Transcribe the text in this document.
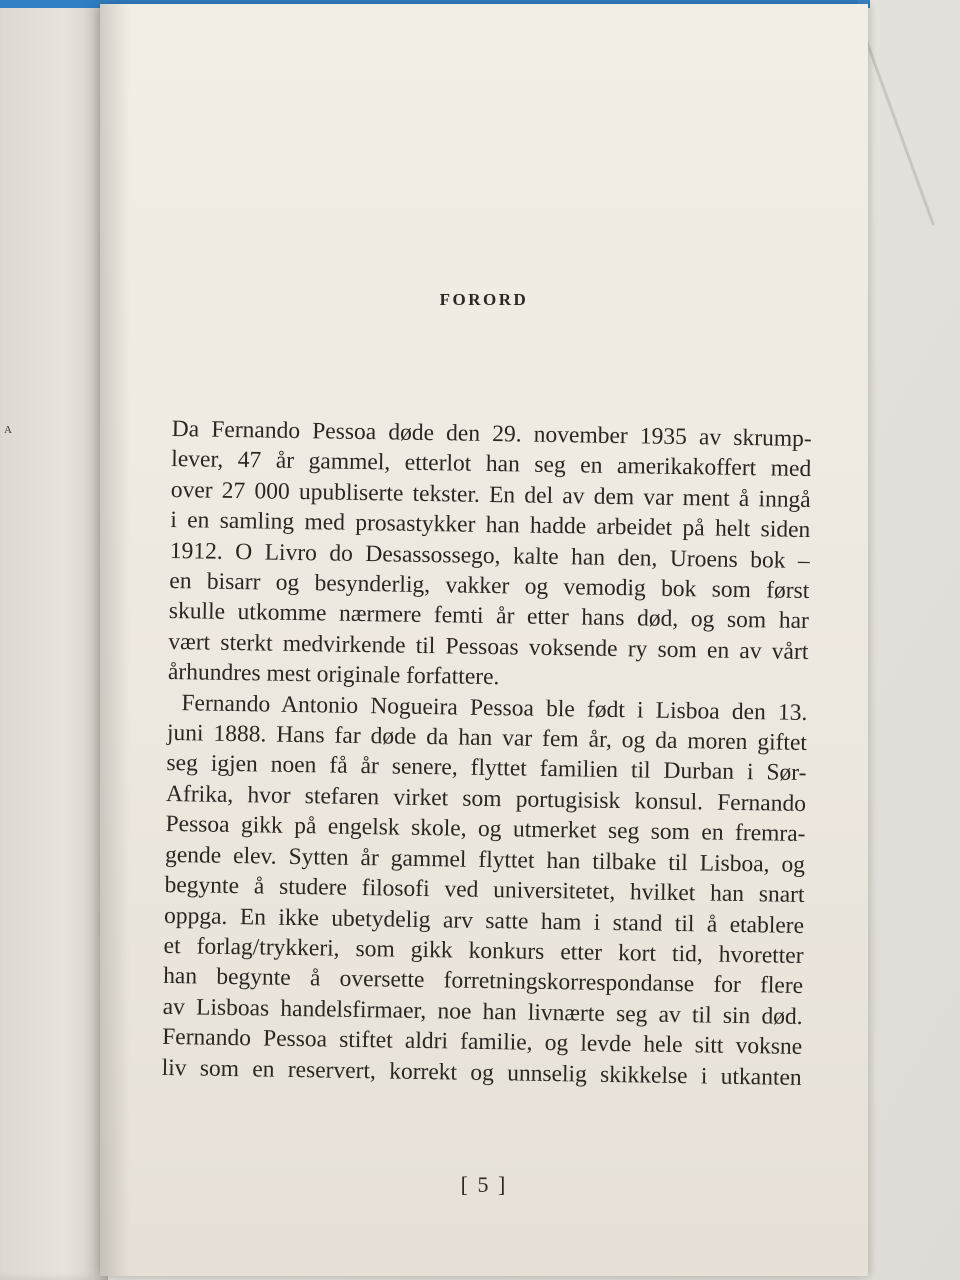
A
FORORD
Da Fernando Pessoa døde den 29. november 1935 av skrump-
lever, 47 år gammel, etterlot han seg en amerikakoffert med
over 27 000 upubliserte tekster. En del av dem var ment å inngå
i en samling med prosastykker han hadde arbeidet på helt siden
1912. O Livro do Desassossego, kalte han den, Uroens bok –
en bisarr og besynderlig, vakker og vemodig bok som først
skulle utkomme nærmere femti år etter hans død, og som har
vært sterkt medvirkende til Pessoas voksende ry som en av vårt
århundres mest originale forfattere.
Fernando Antonio Nogueira Pessoa ble født i Lisboa den 13.
juni 1888. Hans far døde da han var fem år, og da moren giftet
seg igjen noen få år senere, flyttet familien til Durban i Sør-
Afrika, hvor stefaren virket som portugisisk konsul. Fernando
Pessoa gikk på engelsk skole, og utmerket seg som en fremra-
gende elev. Sytten år gammel flyttet han tilbake til Lisboa, og
begynte å studere filosofi ved universitetet, hvilket han snart
oppga. En ikke ubetydelig arv satte ham i stand til å etablere
et forlag/trykkeri, som gikk konkurs etter kort tid, hvoretter
han begynte å oversette forretningskorrespondanse for flere
av Lisboas handelsfirmaer, noe han livnærte seg av til sin død.
Fernando Pessoa stiftet aldri familie, og levde hele sitt voksne
liv som en reservert, korrekt og unnselig skikkelse i utkanten
[ 5 ]
